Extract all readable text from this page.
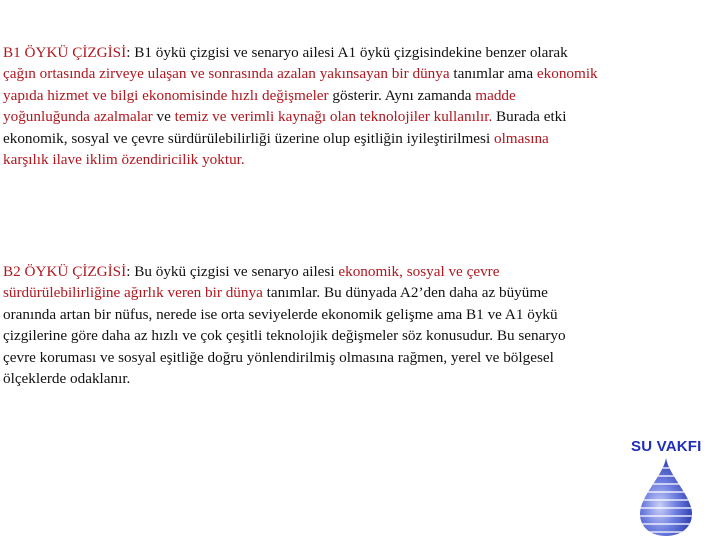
B1 ÖYKÜ ÇİZGİSİ: B1 öykü çizgisi ve senaryo ailesi A1 öykü çizgisindekine benzer olarak
çağın ortasında zirveye ulaşan ve sonrasında azalan yakınsayan bir dünya tanımlar ama ekonomik
yapıda hizmet ve bilgi ekonomisinde hızlı değişmeler gösterir. Aynı zamanda madde
yoğunluğunda azalmalar ve temiz ve verimli kaynağı olan teknolojiler kullanılır. Burada etki
ekonomik, sosyal ve çevre sürdürülebilirliği üzerine olup eşitliğin iyileştirilmesi olmasına
karşılık ilave iklim özendiricilik yoktur.

B2 ÖYKÜ ÇİZGİSİ: Bu öykü çizgisi ve senaryo ailesi ekonomik, sosyal ve çevre
sürdürülebilirliğine ağırlık veren bir dünya tanımlar. Bu dünyada A2’den daha az büyüme
oranında artan bir nüfus, nerede ise orta seviyelerde ekonomik gelişme ama B1 ve A1 öykü
çizgilerine göre daha az hızlı ve çok çeşitli teknolojik değişmeler söz konusudur. Bu senaryo
çevre koruması ve sosyal eşitliğe doğru yönlendirilmiş olmasına rağmen, yerel ve bölgesel
ölçeklerde odaklanır.

SU VAKFI
